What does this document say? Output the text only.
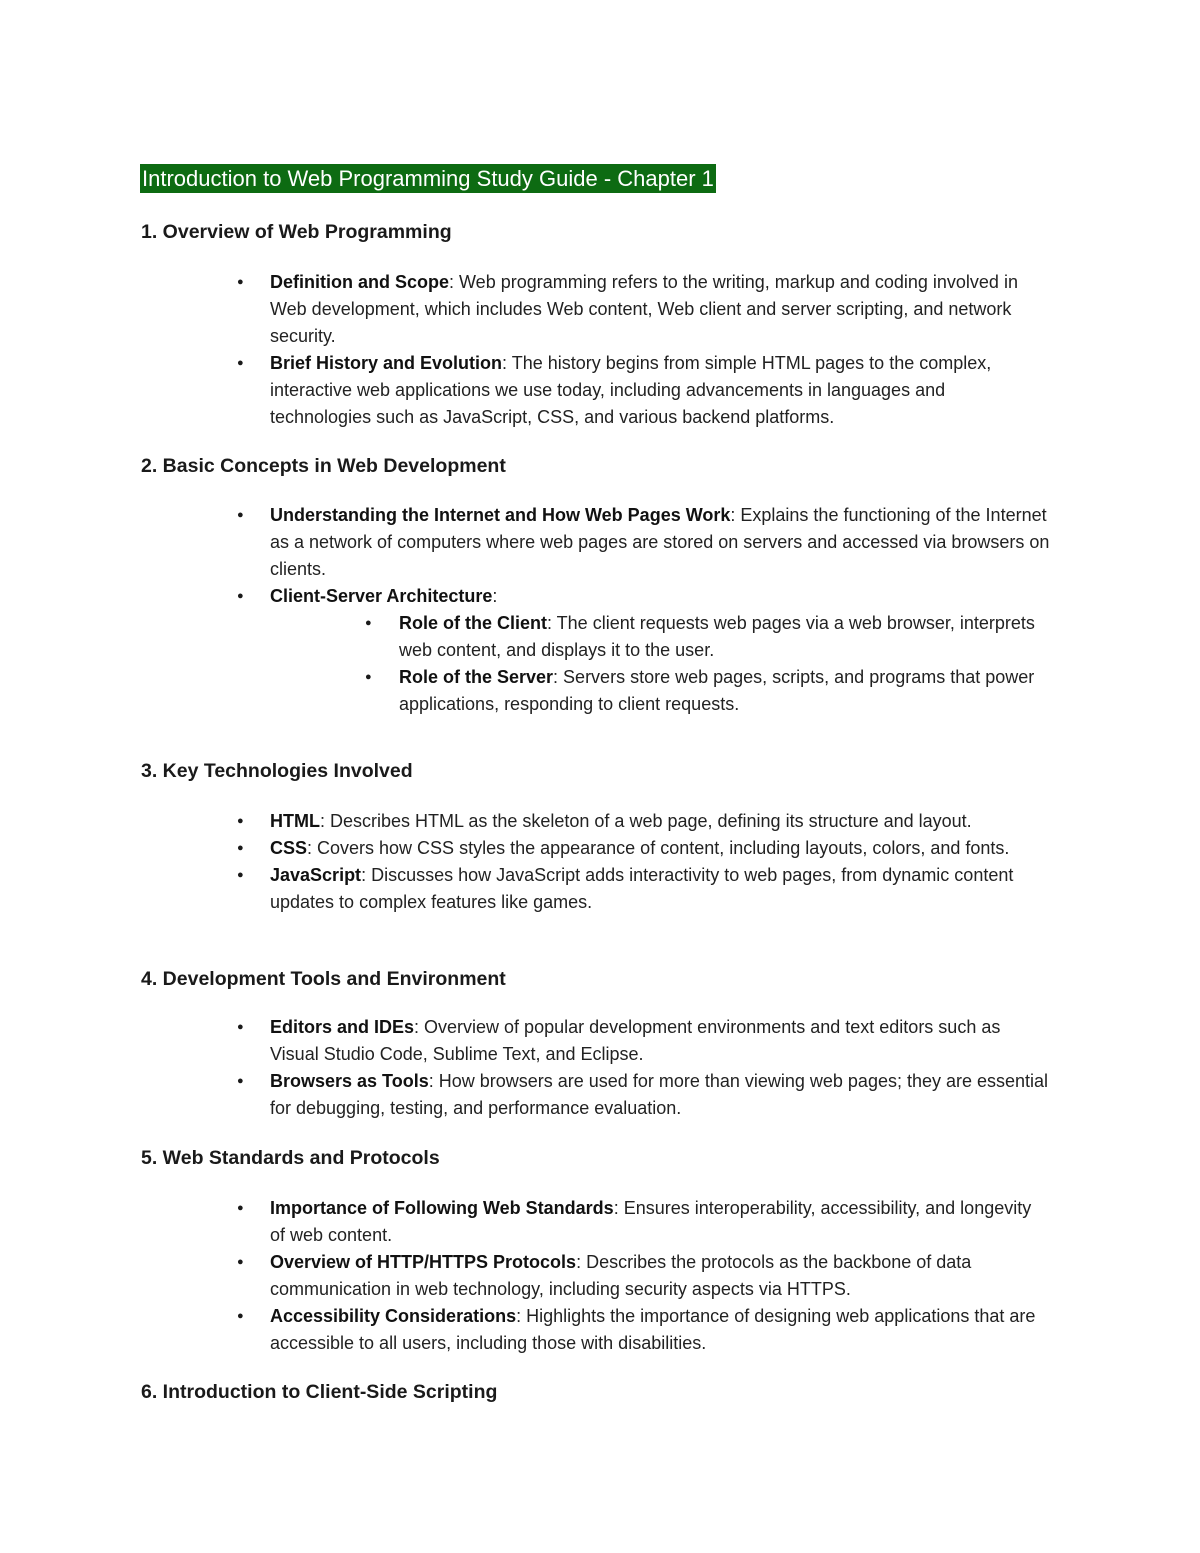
Introduction to Web Programming Study Guide - Chapter 1
1. Overview of Web Programming
● Definition and Scope: Web programming refers to the writing, markup and coding involved in Web development, which includes Web content, Web client and server scripting, and network security.
● Brief History and Evolution: The history begins from simple HTML pages to the complex, interactive web applications we use today, including advancements in languages and technologies such as JavaScript, CSS, and various backend platforms.
2. Basic Concepts in Web Development
● Understanding the Internet and How Web Pages Work: Explains the functioning of the Internet as a network of computers where web pages are stored on servers and accessed via browsers on clients.
● Client-Server Architecture:
● Role of the Client: The client requests web pages via a web browser, interprets web content, and displays it to the user.
● Role of the Server: Servers store web pages, scripts, and programs that power applications, responding to client requests.
3. Key Technologies Involved
● HTML: Describes HTML as the skeleton of a web page, defining its structure and layout.
● CSS: Covers how CSS styles the appearance of content, including layouts, colors, and fonts.
● JavaScript: Discusses how JavaScript adds interactivity to web pages, from dynamic content updates to complex features like games.
4. Development Tools and Environment
● Editors and IDEs: Overview of popular development environments and text editors such as Visual Studio Code, Sublime Text, and Eclipse.
● Browsers as Tools: How browsers are used for more than viewing web pages; they are essential for debugging, testing, and performance evaluation.
5. Web Standards and Protocols
● Importance of Following Web Standards: Ensures interoperability, accessibility, and longevity of web content.
● Overview of HTTP/HTTPS Protocols: Describes the protocols as the backbone of data communication in web technology, including security aspects via HTTPS.
● Accessibility Considerations: Highlights the importance of designing web applications that are accessible to all users, including those with disabilities.
6. Introduction to Client-Side Scripting
